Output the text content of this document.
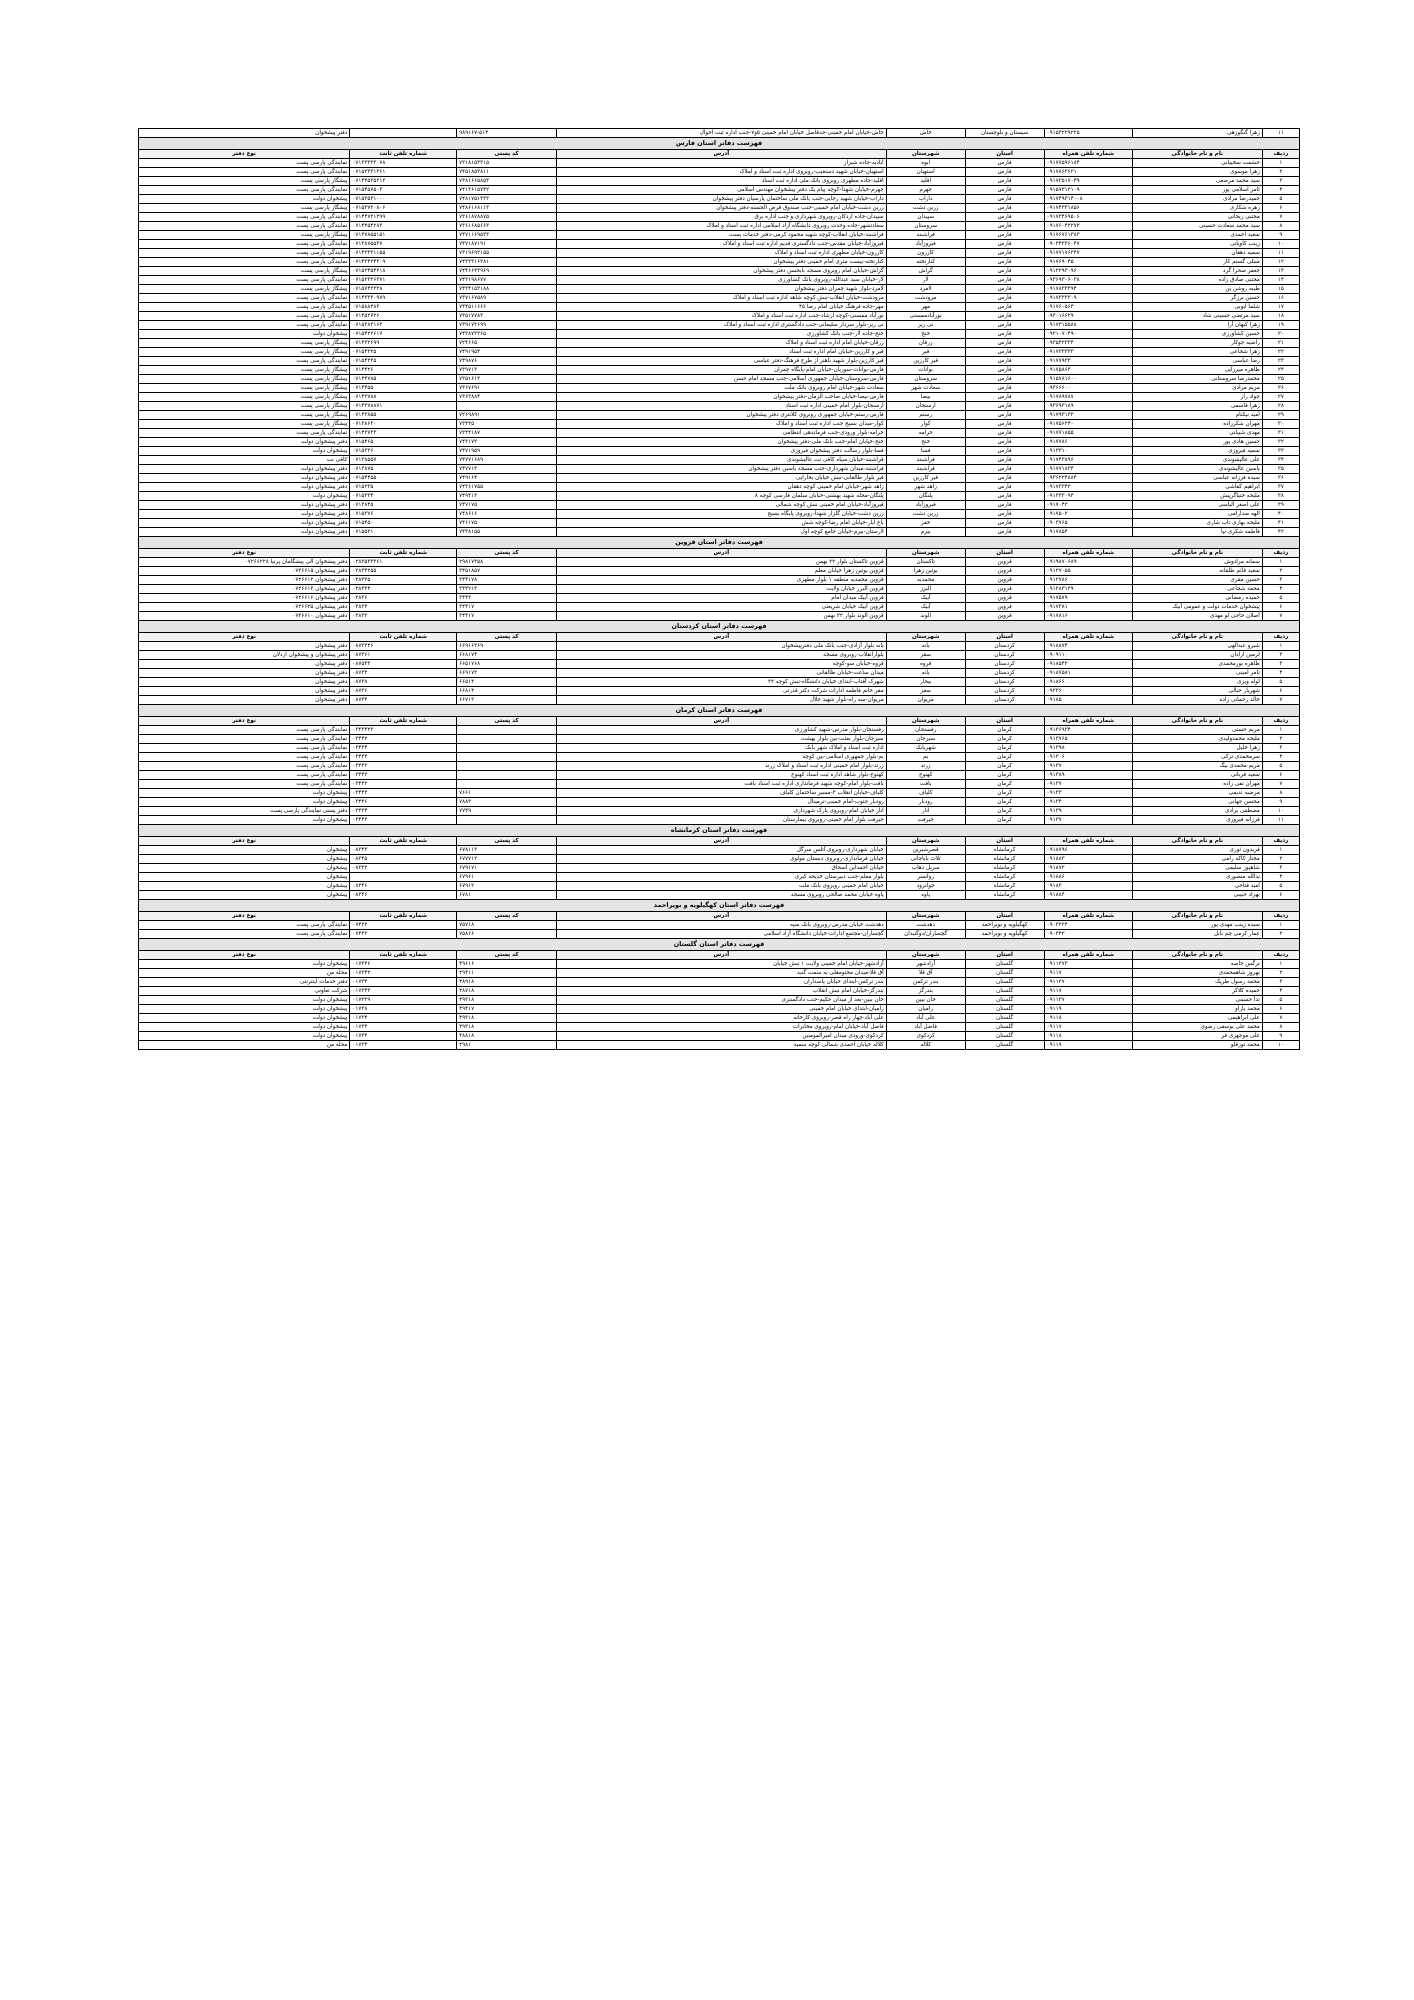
۱۱	زهرا گنگوزهی	۰۹۱۵۳۲۲۹۲۲۵	سیستان و بلوچستان	خاش	خاش-خیابان امام خمینی-حدفاصل خیابان امام خمینی ۵و۷-جنب اداره ثبت احوال	۹۸۹۱۶۷-۵۱۴		دفتر پیشخوان
فهرست دفاتر استان فارس								
ردیف	نام و نام خانوادگی	شماره تلفن همراه	استان	شهرستان	آدرس	کد پستی	شماره تلفن ثابت	نوع دفتر
۱	حشمت سخیبانی	۰۹۱۷۷۵۹۶۱۸۴	فارس	ابوه	ابادیه-جاده شیراز	۷۳۱۸۱۵۳۳۱۵	۰۷۱۳۳۳۳۳۰۷۸	نمایندگی پارسی پست
۲	زهرا موسوی	۰۹۱۷۸۶۳۶۲۱	فارس	استهبان	استهبان-خیابان شهید دستغیب-روبروی اداره ثبت اسناد و املاک	۷۴۵۱۸۵۳۸۱۱	۰۷۱۵۳۳۳۱۳۶۱	نمایندگی پارسی پست
۳	سید محمد مرصعی	۰۹۱۷۳۵۱۷۰۴۹	فارس	اقلید	اقلید-جاده مطهری روبروی بانک ملی اداره ثبت اسناد	۷۳۸۱۶۶۵۸۵۳	۰۷۱۴۴۵۳۵۳۱۲	پیشگاز پارسی پست
۴	ثامر اسلامی پور	۰۹۱۵۷۳۱۲۱۰۹	فارس	جهرم	جهرم-خیابان شهدا-کوچه پیام یک دفتر پیشخوان مهندس اسلامی	۷۴۱۳۶۱۵۷۴۲	۰۷۱۵۴۵۷۵۰۳	نمایندگی پارسی پست
۵	حمیدرضا مرادی	۰۹۱۷۴۹۳۱۴۰۰۸	فارس	داراب	داراب-خیابان شهید رجایی-جنب بانک ملی ساختمان پارسیان دفتر پیشخوان	۷۴۸۱۷۵۱۳۳۳	۰۷۱۵۳۵۳۱۰۰۰	پیشخوان دولت
۶	زهره شکاری	۰۹۱۷۴۳۳۱۸۵۶	فارس	زرین دشت	زرین دشت-خیابان امام خمینی-جنب صندوق قرض الحسنه-دفتر پیشخوان	۷۴۸۶۱۶۸۱۱۳	۰۷۱۵۳۷۲۰۸۰۶	پیشگاز پارسی پست
۷	مجتبی ریحانی	۰۹۱۷۳۴۶۹۵۰۶	فارس	سپیدان	سپیدان-جاده اردکان-روبروی شهرداری و جنب اداره برق	۷۳۶۱۸۷۸۸۷۵	۰۷۱۴۴۷۲۱۲۹۹	نمایندگی پارسی پست
۸	سید محمد سعادت حسینی	۰۹۱۷۶۰۴۲۲۷۲	فارس	سروستان	سعادتشهر-جاده وحدت روبروی دانشگاه آزاد اسلامی اداره ثبت اسناد و املاک	۷۳۶۱۶۸۵۶۶۳	۰۷۱۴۴۵۴۲۸۳	نمایندگی پارسی پست
۹	سعید احمدی	۰۹۱۷۶۷۶۱۳۸۳	فارس	فراشبند	فراشبند-خیابان انقلاب-کوچه شهید محمود کرمی-دفتر خدمات پست	۷۴۷۱۱۶۹۵۳۳	۰۷۱۳۷۸۵۵۱۵۱	پیشگاز پارسی پست
۱۰	زینب کاویانی	۰۹۰۳۴۲۳۶۰۴۷	فارس	فیروزآباد	فیروزآباد-خیابان مقدس-جنب دادگستری قدیم اداره ثبت اسناد و املاک	۷۴۷۱۸۷۱۹۱	۰۷۱۳۸۷۵۵۳۷	نمایندگی پارسی پست
۱۱	سمیه دهقان	۰۹۱۷۷۱۷۶۳۴۷	فارس	کازرون	کازرون-خیابان مطهری اداره ثبت اسناد و املاک	۷۳۱۹۶۹۳۱۵۵	۰۷۱۴۳۳۳۱۱۵۵	نمایندگی پارسی پست
۱۲	مبتلی گستم کار	۰۹۱۷۶۹۰۴۵	فارس	کنارتخته	کنارتخته-بیست متری امام خمینی دفتر پیشخوان	۷۴۳۳۳۱۶۳۸۱	۰۷۱۴۳۴۳۴۳۰۹	نمایندگی پارسی پست
۱۳	جعفر صحرا گرد	۰۹۱۲۲۹۳۰۹۶	فارس	گراش	گراش-خیابان امام روبروی مسجد بابحسن دفتر پیشخوان	۷۴۴۶۶۴۳۹۶۹	۰۷۱۵۲۴۵۴۲۱۸	پیشگاز پارسی پست
۱۴	مجتبی صادق زاده	۰۹۳۶۹۳۰۶۰۳۸	فارس	لار	لار-خیابان سید عبدالله-روبروی بانک کشاورزی	۷۴۳۱۹۸۶۷۷	۰۷۱۵۲۳۲۶۳۷۱	نمایندگی پارسی پست
۱۵	طیبه روشن ین	۰۹۱۷۸۳۳۲۹۴	فارس	لامرد	لامرد-بلوار شهید چمران دفتر پیشخوان	۷۴۳۴۱۵۳۱۸۸	۰۷۱۵۷۴۳۳۲۸	پیشگاز پارسی پست
۱۶	حسین برزگر	۰۹۱۷۳۳۳۳۰۹	فارس	مرودشت	مرودشت-خیابان انقلاب-نبش کوچه شاهد اداره ثبت اسناد و املاک	۷۳۷۱۶۷۵۸۹	۰۷۱۴۳۳۳۰۹۷۹	نمایندگی پارسی پست
۱۷	شلما ایوبی	۰۹۱۷۶۰۵۶۴	فارس	مهر	مهر-جاده فرهنگ خیابان امام رضا ۴۵	۷۴۴۵۱۱۶۶۶	۰۷۱۵۸۸۴۸۳	نمایندگی پارسی پست
۱۸	سید مرتضی حسینی شاد	۰۹۳۰۱۶۶۲۹	فارس	نورآبادممسنی	نورآباد ممسنی-کوچه ارشاد-جنب اداره ثبت اسناد و املاک	۷۳۵۱۷۷۸۳	۰۷۱۴۵۲۷۳۶	نمایندگی پارسی پست
۱۹	زهرا کیهان آرا	۰۹۱۷۳۱۵۵۸۸	فارس	نی ریز	نی ریز-بلوار سردار سلیمانی-جنب دادگستری اداره ثبت اسناد و املاک	۷۳۹۱۷۳۶۹۹	۰۷۱۵۳۸۳۱۶۲	نمایندگی پارسی پست
۲۰	حسین کشاورزی	۰۹۲۱۰۷۰۴۹۰	فارس	خنج	خنج-جاده لار-جنب بانک کشاورزی	۷۴۳۸۷۳۳۶۵	۰۷۱۵۴۲۲۶۱۷	پیشخوان دولت
۲۱	راضیه جوکار	۰۹۳۵۴۲۳۳۴	فارس	زرقان	زرقان-خیابان امام اداره ثبت اسناد و املاک	۷۳۴۶۶۵	۰۷۱۴۳۲۶۹۹	پیشگاز پارسی پست
۲۲	زهرا شجاعی	۰۹۱۷۳۳۳۳۳	فارس	قیر	قیر و کارزین-خیابان امام اداره ثبت اسناد	۷۴۹۱۹۵۴	۰۷۱۵۴۳۲۵	پیشگاز پارسی پست
۲۳	رضا عباسی	۰۹۱۷۷۹۳۳	فارس	قیر کارزین	قیر کارزین-بلوار شهید باهنر از طرح فرهنگ-دفتر عباسی	۷۴۹۸۷۶	۰۷۱۵۴۳۳۵	نمایندگی پارسی پست
۲۴	طاهره میرزایی	۰۹۱۷۵۸۶۳	فارس	بوانات	فارس-بوانات-سوریان-خیابان امام-پایگاه چمران	۷۳۹۷۱۳	۰۷۱۴۴۲۶	پیشگاز پارسی پست
۲۵	محمدرضا سروستانی	۰۹۱۵۷۸۱۶۰۰	فارس	سروستان	فارس-سروستان-خیابان جمهوری اسلامی-جنب مسجد امام حسن	۷۳۵۱۶۱۳	۰۷۱۴۴۷۸۵	پیشگاز پارسی پست
۲۶	مریم مرادی	۰۹۳۶۶۶۰۰	فارس	سعادت شهر	سعادت شهر-خیابان امام روبروی بانک ملت	۷۳۶۷۶۹۱	۰۷۱۴۴۵۵	پیشگاز پارسی پست
۲۷	جواد راز	۰۹۱۷۸۹۷۸۷	فارس	بیضا	فارس-بیضا-خیابان صاحب الزمان-دفتر پیشخوان	۷۳۶۳۸۸۴	۰۷۱۴۳۷۸۸	پیشگاز پارسی پست
۲۸	زهرا قاسمی	۰۹۳۶۹۳۱۸۹	فارس	ارسنجان	ارسنجان-بلوار امام خمینی اداره ثبت اسناد		۰۷۱۴۳۷۸۸۷۱	پیشگاز پارسی پست
۲۹	امید نیکنام	۰۹۱۷۹۳۱۳۲	فارس	رستم	فارس-رستم-خیابان جمهوری روبروی کلانتری دفتر پیشخوان	۷۳۶۹۸۹۱	۰۷۱۴۳۸۵۵	پیشگاز پارسی پست
۳۰	مهران شکرزاده	۰۹۱۷۵۶۲۴۰	فارس	کوار	کوار-میدان بسیج جنب اداره ثبت اسناد و املاک	۷۳۴۴۵	۰۷۱۳۸۶۳۰	پیشگاز پارسی پست
۳۱	مهدی شیبانی	۰۹۱۷۷۱۸۵۵	فارس	خرامه	خرامه-بلوار ورودی-جنب فرماندهی انتظامی	۷۳۴۴۱۸۷	۰۷۱۴۳۷۳۳	نمایندگی پارسی پست
۳۲	حسین هادی پور	۰۹۱۷۷۸۶	فارس	خنج	خنج-خیابان امام-جنب بانک ملی-دفتر پیشخوان	۷۴۳۱۷۳	۰۷۱۵۴۶۵	دفتر پیشخوان دولت
۳۳	سمیه فیروزی	۰۹۱۳۳۱۰	فارس	فسا	فسا-بلوار رسالت دفتر پیشخوان فیروزی	۷۴۷۱۹۵۹	۰۷۱۵۳۳۶	پیشخوان دولت
۳۴	علی عالیشوندی	۰۹۱۷۴۳۸۹۶	فارس	فراشبند	فراشبند-خیابان سپاه کافی نت عالیشوندی	۷۴۷۷۱۶۸۹	۰۷۱۳۸۵۵۷	کافی نت
۳۵	یاسین عالیشوندی	۰۹۱۷۷۱۸۳۴	فارس	فراشبند	فراشبند-میدان شهرداری-جنب مسجد یاسین دفتر پیشخوان	۷۴۷۷۱۳	۰۷۱۳۸۷۵	دفتر پیشخوان دولت
۳۶	سیده فرزانه عباسی	۰۹۳۶۲۲۴۸۸۴	فارس	قیر کارزین	قیر بلوار طالقانی-نبش خیابان بخارایی	۷۴۹۱۶۴	۰۷۱۵۴۴۵۵	دفتر پیشخوان دولت
۳۷	ابراهیم کفاشی	۰۹۱۷۳۳۴۲	فارس	زاهد شهر	زاهد شهر-خیابان امام خمینی کوچه دهقان	۷۴۳۶۱۷۵۵	۰۷۱۵۲۳۵	دفتر پیشخوان دولت
۳۸	ملیحه خنیاگرپیش	۰۹۱۳۳۳۰۹۴	فارس	پلنگان	پلنگان-محله شهید بهشتی-خیابان سلمان فارسی کوچه ۸	۷۴۹۴۱۳	۰۷۱۵۳۳۴	پیشخوان دولت
۳۹	علی اصغر الیاسی	۰۹۱۷۰۴۳	فارس	فیروزآباد	فیروزآباد-خیابان امام خمینی نبش کوچه شمالی	۷۴۷۱۷۵	۰۷۱۳۸۴۵	دفتر پیشخوان دولت
۴۰	الهه صدارامی	۰۹۱۷۵۰۲	فارس	زرین دشت	زرین دشت-خیابان گلزار شهدا-روبروی پایگاه بسیج	۷۴۸۶۱۶	۰۷۱۵۳۷۶	دفتر پیشخوان دولت
۴۱	ملیحه بهاری تاب شاری	۰۹۰۳۷۶۵	فارس	خفر	باغ ابار-خیابان امام رضا-کوچه شش	۷۴۶۱۷۵	۰۷۱۵۴۵۰	دفتر پیشخوان دولت
۴۲	فاطمه شکری نیا	۰۹۱۷۸۵۴	فارس	بیرم	لارستان-بیرم-خیابان جامع کوچه اول	۷۴۳۸۱۵۵	۰۷۱۵۵۲۱	دفتر پیشخوان دولت
فهرست دفاتر استان قزوین								
ردیف	نام و نام خانوادگی	شماره تلفن همراه	استان	شهرستان	آدرس	کد پستی	شماره تلفن ثابت	نوع دفتر
۱	سمانه مرادوش	۰۹۱۹۸۷۰۶۸۹	قزوین	تاکستان	قزوین تاکستان بلوار ۲۲ بهمن	۲۹۸۱۷۳۵۸	۰۲۸۳۵۳۳۳۶۱	دفتر پیشخوان الی پیشگامان پرنیا ۰۷۲۶۶۲۲۸
۲	سعید قائم طلقانه	۰۹۱۲۷۰۵۵	قزوین	بوئین زهرا	قزوین بوئین زهرا خیابان معلم	۳۴۵۱۸۵۷	۰۲۸۳۴۲۵۵	دفتر پیشخوان ۰۷۲۶۶۱۵
۳	حسین مقری	۰۹۱۲۷۸۶	قزوین	محمدیه	قزوین محمدیه منطقه ۱ بلوار مطهری	۳۴۴۱۷۸	۰۲۸۳۲۵	دفتر پیشخوان ۰۷۲۶۶۱۲
۴	محمد شجاعی	۰۹۱۲۸۳۱۲۹	قزوین	البرز	قزوین البرز خیابان ولایت	۳۴۴۲۱۳	۰۲۸۳۲۴	دفتر پیشخوان ۰۷۲۶۶۱۳
۵	حمیده رمضانی	۰۹۱۷۵۷۹	قزوین	آبیک	قزوین آبیک میدان امام	۳۴۴۳	۰۲۸۳۶	دفتر پیشخوان ۰۷۲۶۶۱۶
۶	پیشخوان خدمات دولت و عمومی آبیک	۰۹۱۷۳۸۱	قزوین	آبیک	قزوین آبیک خیابان شریعتی	۳۴۴۱۷	۰۲۸۳۴	دفتر پیشخوان ۰۷۲۶۶۲۵
۷	اصلان حاجی لو مهدی	۰۹۱۷۸۱۶	قزوین	الوند	قزوین الوند بلوار ۲۲ بهمن	۳۴۴۱۷	۰۲۸۳۲	دفتر پیشخوان ۰۷۲۶۶۱۰
فهرست دفاتر استان کردستان								
ردیف	نام و نام خانوادگی	شماره تلفن همراه	استان	شهرستان	آدرس	کد پستی	شماره تلفن ثابت	نوع دفتر
۱	شیرو عبدالهی	۰۹۱۸۸۷۴	کردستان	بانه	بانه بلوار آزادی-جنب بانک ملی دفترپیشخوان	۶۶۹۱۶۳۶۹	۰۸۷۳۲۴۶	دفتر پیشخوان
۲	لرمین ازادان	۰۹۰۹۱۱۰	کردستان	سقز	بلوارانقلاب-روبروی مسجد	۶۶۸۱۷۴	۰۸۷۳۶۱	دفتر پیشخوان و پیشخوان اردلان
۳	ظاهره بورمحمدی	۰۹۱۸۵۴۲	کردستان	قروه	قروه-خیابان سو-کوچه	۶۶۵۱۷۶۸	۰۸۷۵۴۳	دفتر پیشخوان
۴	نامر امینی	۰۹۱۸۷۵۸۱	کردستان	بانه	میدان ساعت-خیابان طالقانی	۶۶۹۱۷۳	۰۸۷۳۲	دفتر پیشخوان
۵	لوله ویزی	۰۹۱۸۶۶	کردستان	بیجار	شهرک آفتاب-ابتدای خیابان دانشگاه-نبش کوچه ۲۲	۶۶۵۱۴	۰۸۷۳۸	دفتر پیشخوان
۶	شهریار خیالی	۰۹۲۳۶	کردستان	سقز	مقر خانم فاطمه ادارات شرکت دکتر قدرتی	۶۶۸۱۴	۰۸۷۳۶	دفتر پیشخوان
۷	خالد رحمانی زاده	۰۹۱۸۵	کردستان	مریوان	مریوان-سه راه-بلوار شهید جلال	۶۶۷۱۳	۰۸۷۳۴	دفتر پیشخوان
فهرست دفاتر استان کرمان								
ردیف	نام و نام خانوادگی	شماره تلفن همراه	استان	شهرستان	آدرس	کد پستی	شماره تلفن ثابت	نوع دفتر
۱	مریم حسنی	۰۹۱۳۶۹۳۴	کرمان	رفسنجان	رفسنجان-بلوار مدرس-شهید کشاورزی		۰۳۴۳۴۲۳	نمایندگی پارسی پست
۲	ملیحه محمدولیدی	۰۹۱۳۷۶۵	کرمان	سیرجان	سیرجان-بلوار بعثت-بین بلوار بهشت		۰۳۴۴۲	نمایندگی پارسی پست
۳	زهرا خلیل	۰۹۱۳۹۸	کرمان	شهربابک	اداره ثبت اسناد و املاک شهر بابک		۰۳۴۳۴	نمایندگی پارسی پست
۴	سرمحمدی ترکی	۰۹۱۳۰۶	کرمان	بم	بم-بلوار جمهوری اسلامی-بین کوچه		۰۳۴۴۴	نمایندگی پارسی پست
۵	مریم محمدی بیگ	۰۹۱۳۷	کرمان	زرند	زرند-بلوار امام خمینی اداره ثبت اسناد و املاک زرند		۰۳۴۳۲	نمایندگی پارسی پست
۶	سعید قربانی	۰۹۱۳۸۹	کرمان	کهنوج	کهنوج-بلوار شاهد اداره ثبت اسناد کهنوج		۰۳۴۴۳	نمایندگی پارسی پست
۷	مهران نفی زاده	۰۹۱۳۷	کرمان	بافت	بافت-بلوار امام-کوچه شهید فرمانداری اداره ثبت اسناد بافت		۰۳۴۴۲	نمایندگی پارسی پست
۸	مرضیه ندیمی	۰۹۱۳۳	کرمان	کلیاف	کلیاف-خیابان انقلاب ۳-مسیر ساختمان کلیاف	۷۶۶۱	۰۳۴۴۳	پیشخوان دولت
۹	محسن جهانی	۰۹۱۳۴	کرمان	رودبار	رودبار جنوب-امام خمینی-ترمینال	۷۸۸۳	۰۳۴۴۶	پیشخوان دولت
۱۰	مصطفی برادی	۰۹۱۳۹	کرمان	انار	انار خیابان امام-روبروی پارک شهرداری	۷۷۴۹	۰۳۴۳۴	دفتر پستی نمایندگی پارسی پست
۱۱	فرزانه فیروزی	۰۹۱۳۷	کرمان	جیرفت	جیرفت بلوار امام خمینی-روبروی بیمارستان		۰۳۴۴۳	پیشخوان دولت
فهرست دفاتر استان کرمانشاه								
ردیف	نام و نام خانوادگی	شماره تلفن همراه	استان	شهرستان	آدرس	کد پستی	شماره تلفن ثابت	نوع دفتر
۱	فریدون ثوری	۰۹۱۸۷۹۶	کرمانشاه	قصرشیرین	خیابان شهرداری-روبروی آتلس سرگل	۶۷۸۱۱۳	۰۸۳۴۳	پیشخوان
۲	مختار کاکه رامی	۰۹۱۸۸۳	کرمانشاه	ثلاث باباجانی	خیابان فرمانداری-روبروی دبستان مولوی	۶۷۷۷۱۲	۰۸۳۴۵	پیشخوان
۳	شاهپور سلیمی	۰۹۱۸۷۲	کرمانشاه	سرپل ذهاب	خیابان احمدابن اسحاق	۶۷۹۱۷۱	۰۸۳۲۲	پیشخوان
۴	یدالله منصوری	۰۹۱۸۸۶	کرمانشاه	روانسر	بلوار معلم-جنب دبیرستان خدیجه کبری	۶۷۹۶۱		پیشخوان
۵	امید فتاحی	۰۹۱۸۳	کرمانشاه	جوانرود	خیابان امام خمینی روبروی بانک ملت	۶۷۹۱۲	۰۸۳۴۶	پیشخوان
۶	بهزاد حبیبی	۰۹۱۸۸۴	کرمانشاه	پاوه	پاوه خیابان محمد صالحی روبروی مسجد	۶۷۸۱	۰۸۳۴۶	پیشخوان
فهرست دفاتر استان کهگیلویه و بویراحمد								
ردیف	نام و نام خانوادگی	شماره تلفن همراه	استان	شهرستان	آدرس	کد پستی	شماره تلفن ثابت	نوع دفتر
۱	سیده زینب مهدی پور	۰۹۰۳۲۲۴	کهگیلویه و بویراحمد	دهدشت	دهدشت خیابان مدرس-روبروی بانک سپه	۷۵۷۱۸	۰۷۴۲۲	نمایندگی پارسی پست
۲	عمار کرمی چم بابل	۰۹۰۳۴۲	کهگیلویه و بویراحمد	گچساران/دوگنبدان	گچساران-مجتمع ادارات-خیابان دانشگاه آزاد اسلامی	۷۵۸۶۶	۰۷۴۳۲	نمایندگی پارسی پست
فهرست دفاتر استان گلستان								
ردیف	نام و نام خانوادگی	شماره تلفن همراه	استان	شهرستان	آدرس	کد پستی	شماره تلفن ثابت	نوع دفتر
۱	نرگس خاصه	۰۹۱۱۲۷۳	گلستان	آزادشهر	آزادشهر-خیابان امام خمینی ولایت ۱ نبش خیابان	۴۹۶۱۶	۰۱۷۳۲۶	پیشخوان دولت
۲	بهروز شاهمحمدی	۰۹۱۱۷	گلستان	آق قلا	آق قلا-میدان مختومقلی به سمت گنبد	۴۹۴۱۱	۰۱۷۳۴۲	محله من
۳	محمد رسول طریک	۰۹۱۱۲۷	گلستان	بندر ترکمن	بندر ترکمن-ابتدای خیابان پاسداران	۴۸۹۱۸	۰۱۷۳۴	دفتر خدمات اینترنتی
۴	حمیده کلاکر	۰۹۱۱۷	گلستان	بندرگز	بندرگز-خیابان امام نبش انقلاب	۴۸۷۱۸	۰۱۷۳۴۳	شرکت تعاونی
۵	ندا حسینی	۰۹۱۱۲۷	گلستان	خان ببین	خان ببین-بعد از میدان حکیم-جنب دادگستری	۴۹۳۱۸	۰۱۷۳۲۹	پیشخوان دولت
۶	محمد یاراو	۰۹۱۱۹	گلستان	رامیان	رامیان-ابتدای خیابان امام خمینی	۴۹۴۱۷	۰۱۷۳۸	پیشخوان دولت
۷	علی ابراهیمی	۰۹۱۱۸	گلستان	علی آباد	علی آباد-چهار راه قصر-روبروی کارخانه	۴۹۳۱۸	۰۱۷۳۴	پیشخوان دولت
۸	محمد علی یوسفی رضوی	۰۹۱۱۷	گلستان	فاضل آباد	فاضل آباد-خیابان امام-روبروی مخابرات	۴۹۳۱۸	۰۱۷۳۴	پیشخوان دولت
۹	علی موجهری فر	۰۹۱۱۸	گلستان	کردکوی	کردکوی-ورودی میدان امیرالمومنین	۴۸۸۱۸	۰۱۷۳۴	پیشخوان دولت
۱۰	محمد تورقلو	۰۹۱۱۹	گلستان	کلاله	کلاله خیابان احمدی شمالی کوچه سمیه	۴۹۸۱	۰۱۷۳۴	محله من
